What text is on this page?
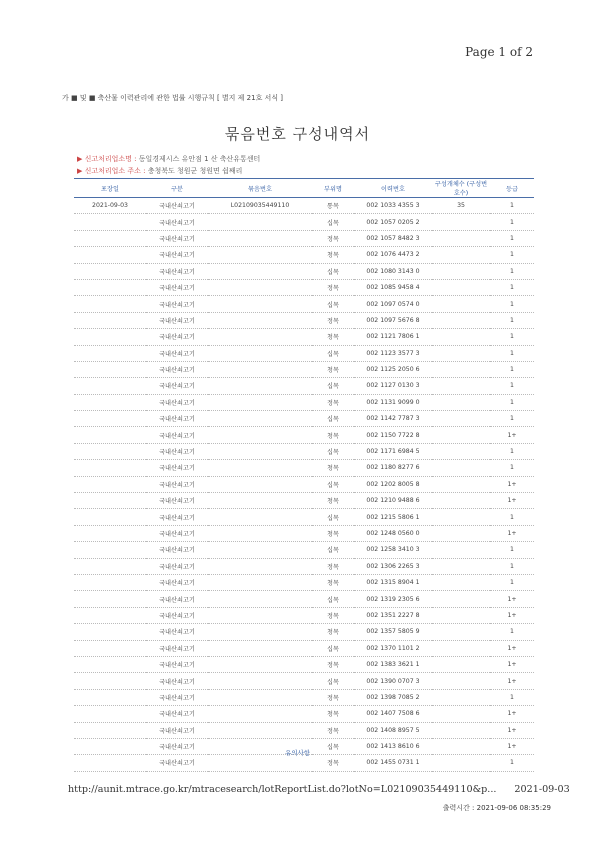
Page 1 of 2
가 ■ 및 ■ 축산물 이력관리에 관한 법률 시행규칙 [ 별지 제 21호 서식 ]
묶음번호 구성내역서
▶ 신고처리업소명 : 동일경제시스 유안점 1 산 축산유통센터
▶ 신고처리업소 주소 : 충청북도 청원군 청원면 쉽째리
포장일	구분	묶음번호	부위명	이력번호	구성개체수 (구성번호수)	등급
2021-09-03	국내산쇠고기	L02109035449110	통목	002 1033 4355 3	35	1
	국내산쇠고기		십목	002 1057 0205 2		1
	국내산쇠고기		정목	002 1057 8482 3		1
	국내산쇠고기		청목	002 1076 4473 2		1
	국내산쇠고기		십목	002 1080 3143 0		1
	국내산쇠고기		정목	002 1085 9458 4		1
	국내산쇠고기		십목	002 1097 0574 0		1
	국내산쇠고기		정목	002 1097 5676 8		1
	국내산쇠고기		청목	002 1121 7806 1		1
	국내산쇠고기		십목	002 1123 3577 3		1
	국내산쇠고기		청목	002 1125 2050 6		1
	국내산쇠고기		십목	002 1127 0130 3		1
	국내산쇠고기		정목	002 1131 9099 0		1
	국내산쇠고기		십목	002 1142 7787 3		1
	국내산쇠고기		청목	002 1150 7722 8		1+
	국내산쇠고기		십목	002 1171 6984 5		1
	국내산쇠고기		청목	002 1180 8277 6		1
	국내산쇠고기		십목	002 1202 8005 8		1+
	국내산쇠고기		청목	002 1210 9488 6		1+
	국내산쇠고기		십목	002 1215 5806 1		1
	국내산쇠고기		청목	002 1248 0560 0		1+
	국내산쇠고기		십목	002 1258 3410 3		1
	국내산쇠고기		정목	002 1306 2265 3		1
	국내산쇠고기		청목	002 1315 8904 1		1
	국내산쇠고기		십목	002 1319 2305 6		1+
	국내산쇠고기		정목	002 1351 2227 8		1+
	국내산쇠고기		청목	002 1357 5805 9		1
	국내산쇠고기		십목	002 1370 1101 2		1+
	국내산쇠고기		정목	002 1383 3621 1		1+
	국내산쇠고기		십목	002 1390 0707 3		1+
	국내산쇠고기		정목	002 1398 7085 2		1
	국내산쇠고기		청목	002 1407 7508 6		1+
	국내산쇠고기		정목	002 1408 8957 5		1+
	국내산쇠고기		십목	002 1413 8610 6		1+
	국내산쇠고기		정목	002 1455 0731 1		1
유의사항
http://aunit.mtrace.go.kr/mtracesearch/lotReportList.do?lotNo=L02109035449110&p... 2021-09-03
출력시간 : 2021-09-06 08:35:29
